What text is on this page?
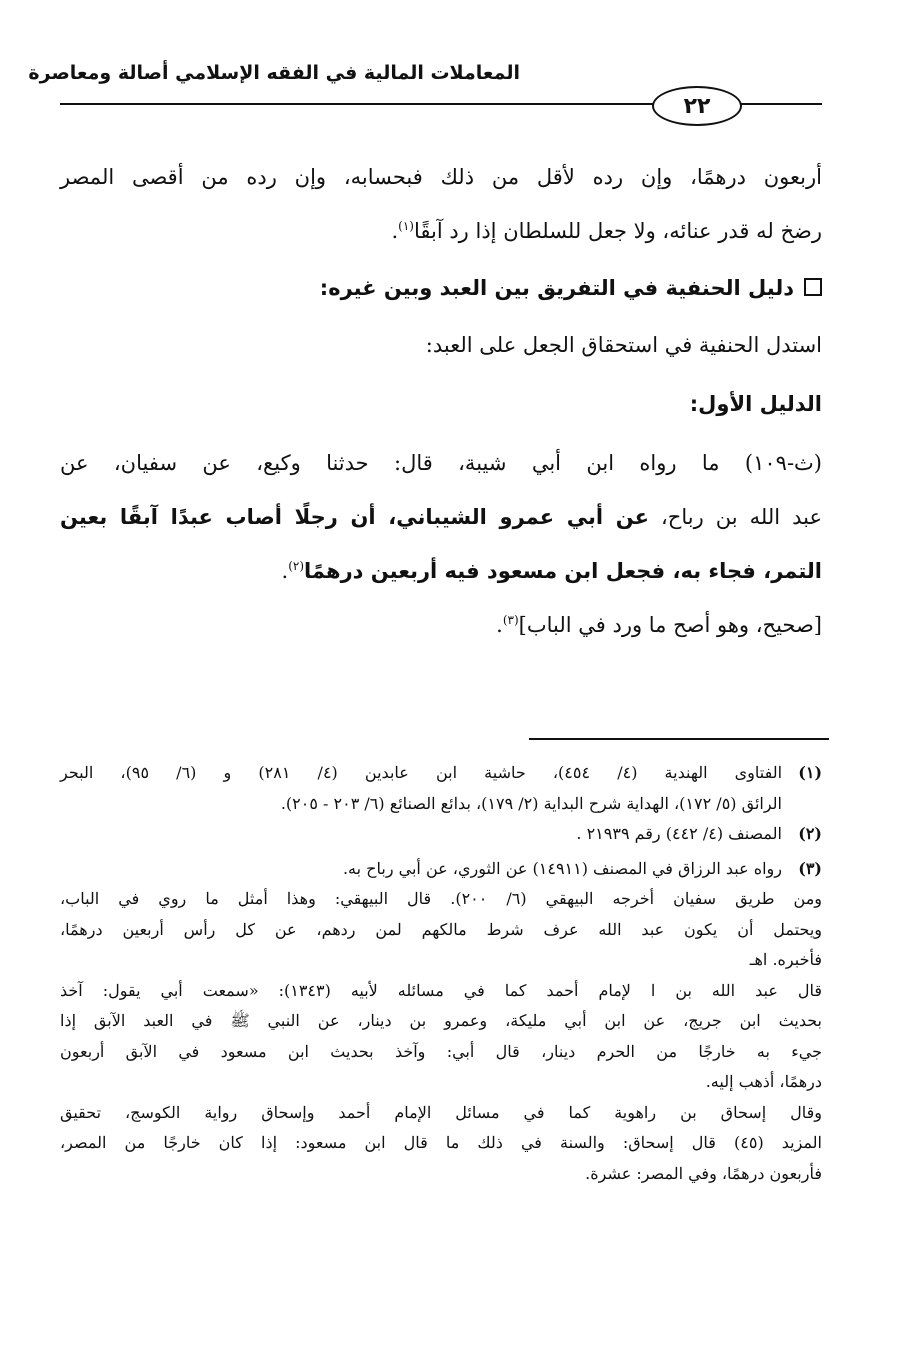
المعاملات المالية في الفقه الإسلامي أصالة ومعاصرة
٢٢
أربعون درهمًا، وإن رده لأقل من ذلك فبحسابه، وإن رده من أقصى المصر
رضخ له قدر عنائه، ولا جعل للسلطان إذا رد آبقًا$^{(١)}$.
دليل الحنفية في التفريق بين العبد وبين غيره:
استدل الحنفية في استحقاق الجعل على العبد:
الدليل الأول:
(ث-١٠٩) ما رواه ابن أبي شيبة، قال: حدثنا وكيع، عن سفيان، عن
عبد الله بن رباح، عن أبي عمرو الشيباني، أن رجلًا أصاب عبدًا آبقًا بعين
التمر، فجاء به، فجعل ابن مسعود فيه أربعين درهمًا$^{(٢)}$.
[صحيح، وهو أصح ما ورد في الباب]$^{(٣)}$.
(١)الفتاوى الهندية (٤/ ٤٥٤)، حاشية ابن عابدين (٤/ ٢٨١) و (٦/ ٩٥)، البحر
الرائق (٥/ ١٧٢)، الهداية شرح البداية (٢/ ١٧٩)، بدائع الصنائع (٦/ ٢٠٣ - ٢٠٥).
(٢)المصنف (٤/ ٤٤٢) رقم ٢١٩٣٩ .
(٣)رواه عبد الرزاق في المصنف (١٤٩١١) عن الثوري، عن أبي رباح به.
ومن طريق سفيان أخرجه البيهقي (٦/ ٢٠٠). قال البيهقي: وهذا أمثل ما روي في الباب،
ويحتمل أن يكون عبد الله عرف شرط مالكهم لمن ردهم، عن كل رأس أربعين درهمًا،
فأخبره. اهـ
قال عبد الله بن ا لإمام أحمد كما في مسائله لأبيه (١٣٤٣): «سمعت أبي يقول: آخذ
بحديث ابن جريج، عن ابن أبي مليكة، وعمرو بن دينار، عن النبي ﷺ في العبد الآبق إذا
جيء به خارجًا من الحرم دينار، قال أبي: وآخذ بحديث ابن مسعود في الآبق أربعون
درهمًا، أذهب إليه.
وقال إسحاق بن راهوية كما في مسائل الإمام أحمد وإسحاق رواية الكوسج، تحقيق
المزيد (٤٥) قال إسحاق: والسنة في ذلك ما قال ابن مسعود: إذا كان خارجًا من المصر،
فأربعون درهمًا، وفي المصر: عشرة.
